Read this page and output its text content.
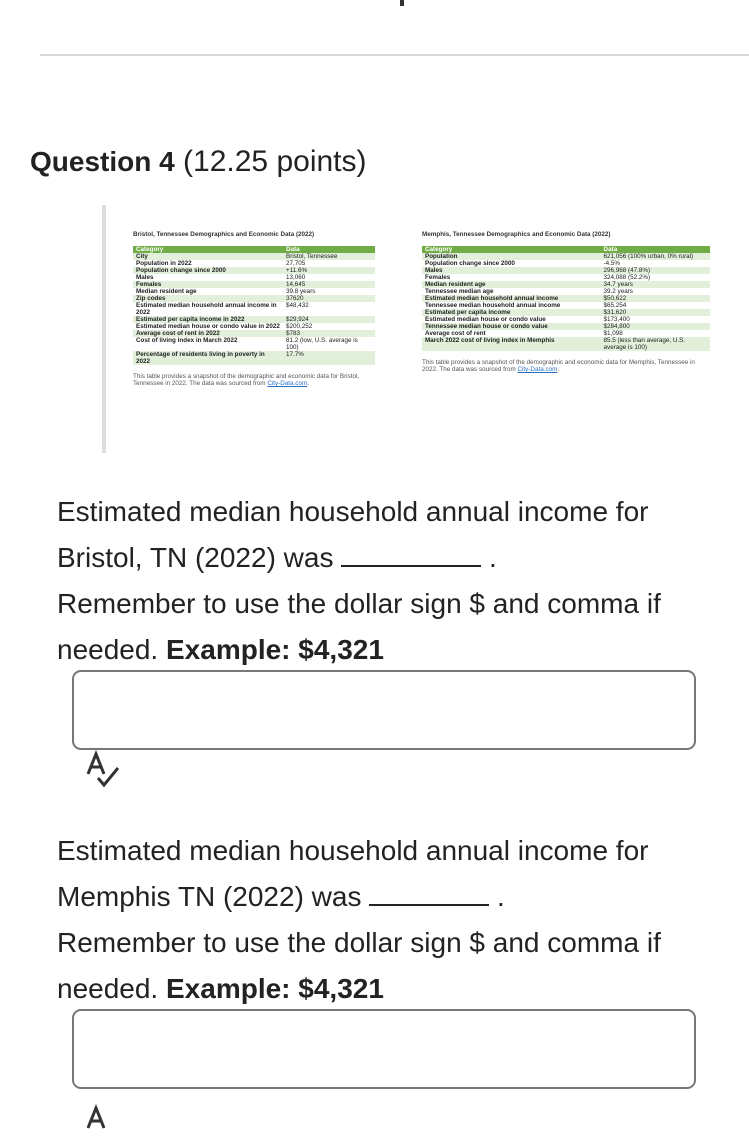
Question 4 (12.25 points)
Bristol, Tennessee Demographics and Economic Data (2022)
Category	Data
City	Bristol, Tennessee
Population in 2022	27,705
Population change since 2000	+11.6%
Males	13,060
Females	14,645
Median resident age	39.8 years
Zip codes	37620
Estimated median household annual income in 2022	$48,432
Estimated per capita income in 2022	$29,924
Estimated median house or condo value in 2022	$200,252
Average cost of rent in 2022	$783
Cost of living index in March 2022	81.2 (low, U.S. average is 100)
Percentage of residents living in poverty in 2022	17.7%
This table provides a snapshot of the demographic and economic data for Bristol, Tennessee in 2022. The data was sourced from City-Data.com.
Memphis, Tennessee Demographics and Economic Data (2022)
Category	Data
Population	621,056 (100% urban, 0% rural)
Population change since 2000	-4.5%
Males	296,968 (47.8%)
Females	324,088 (52.2%)
Median resident age	34.7 years
Tennessee median age	39.2 years
Estimated median household annual income	$50,622
Tennessee median household annual income	$65,254
Estimated per capita income	$31,620
Estimated median house or condo value	$173,400
Tennessee median house or condo value	$284,800
Average cost of rent	$1,098
March 2022 cost of living index in Memphis	85.5 (less than average, U.S. average is 100)
This table provides a snapshot of the demographic and economic data for Memphis, Tennessee in 2022. The data was sourced from City-Data.com.
Estimated median household annual income for Bristol, TN (2022) was	.
Remember to use the dollar sign $ and comma if needed. Example: $4,321
Estimated median household annual income for Memphis TN (2022) was	.
Remember to use the dollar sign $ and comma if needed. Example: $4,321
